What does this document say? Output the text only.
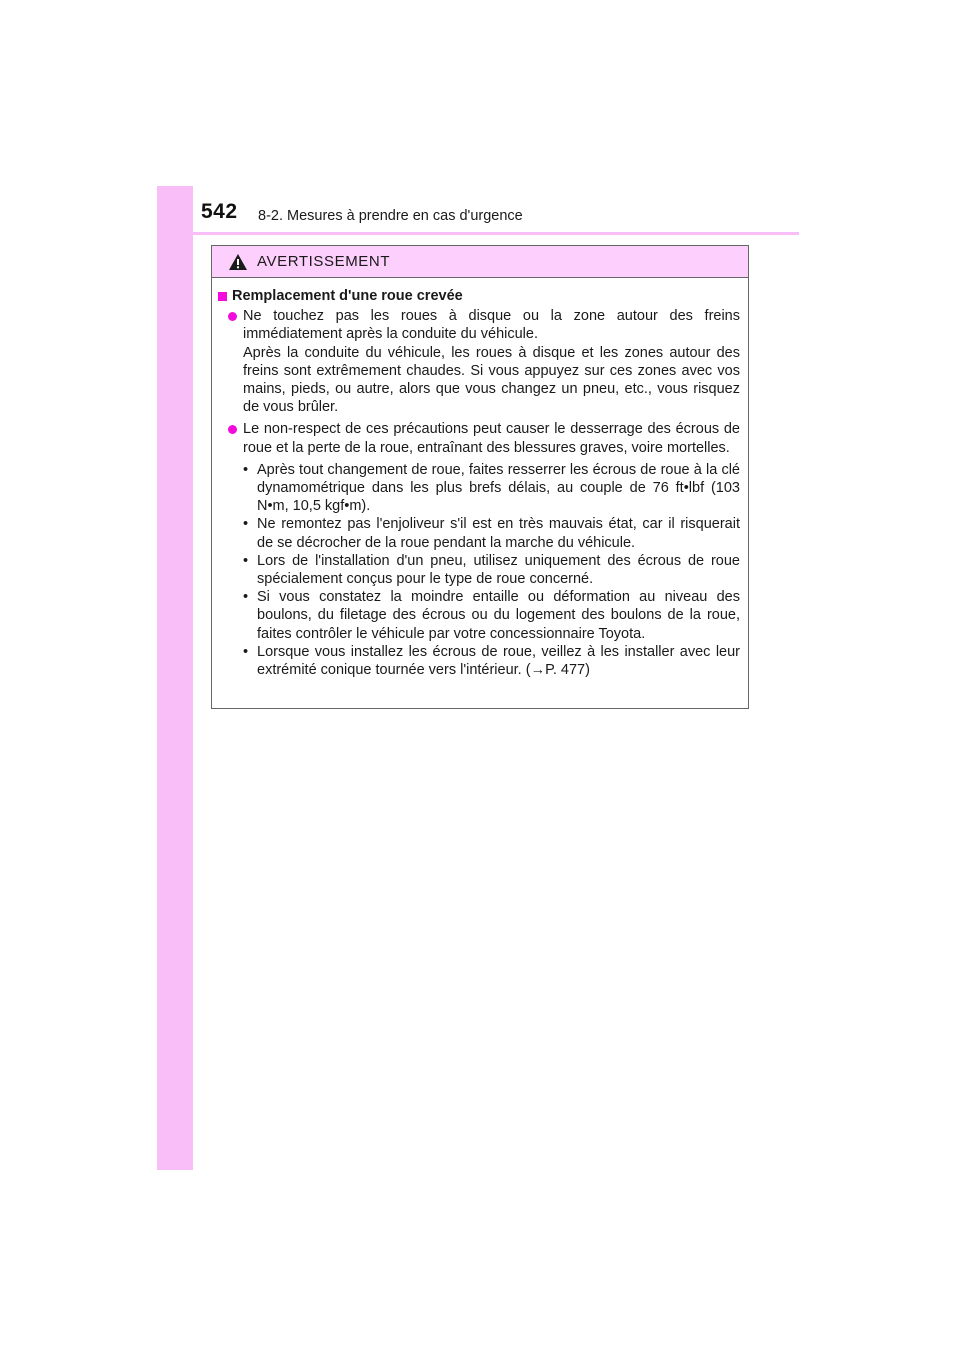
542 8-2. Mesures à prendre en cas d'urgence
AVERTISSEMENT
Remplacement d'une roue crevée

Ne touchez pas les roues à disque ou la zone autour des freins immédiatement après la conduite du véhicule.

Après la conduite du véhicule, les roues à disque et les zones autour des freins sont extrêmement chaudes. Si vous appuyez sur ces zones avec vos mains, pieds, ou autre, alors que vous changez un pneu, etc., vous risquez de vous brûler.

Le non-respect de ces précautions peut causer le desserrage des écrous de roue et la perte de la roue, entraînant des blessures graves, voire mortelles.

• Après tout changement de roue, faites resserrer les écrous de roue à la clé dynamométrique dans les plus brefs délais, au couple de 76 ft•lbf (103 N•m, 10,5 kgf•m).
• Ne remontez pas l'enjoliveur s'il est en très mauvais état, car il risquerait de se décrocher de la roue pendant la marche du véhicule.
• Lors de l'installation d'un pneu, utilisez uniquement des écrous de roue spécialement conçus pour le type de roue concerné.
• Si vous constatez la moindre entaille ou déformation au niveau des boulons, du filetage des écrous ou du logement des boulons de la roue, faites contrôler le véhicule par votre concessionnaire Toyota.
• Lorsque vous installez les écrous de roue, veillez à les installer avec leur extrémité conique tournée vers l'intérieur. (→P. 477)
